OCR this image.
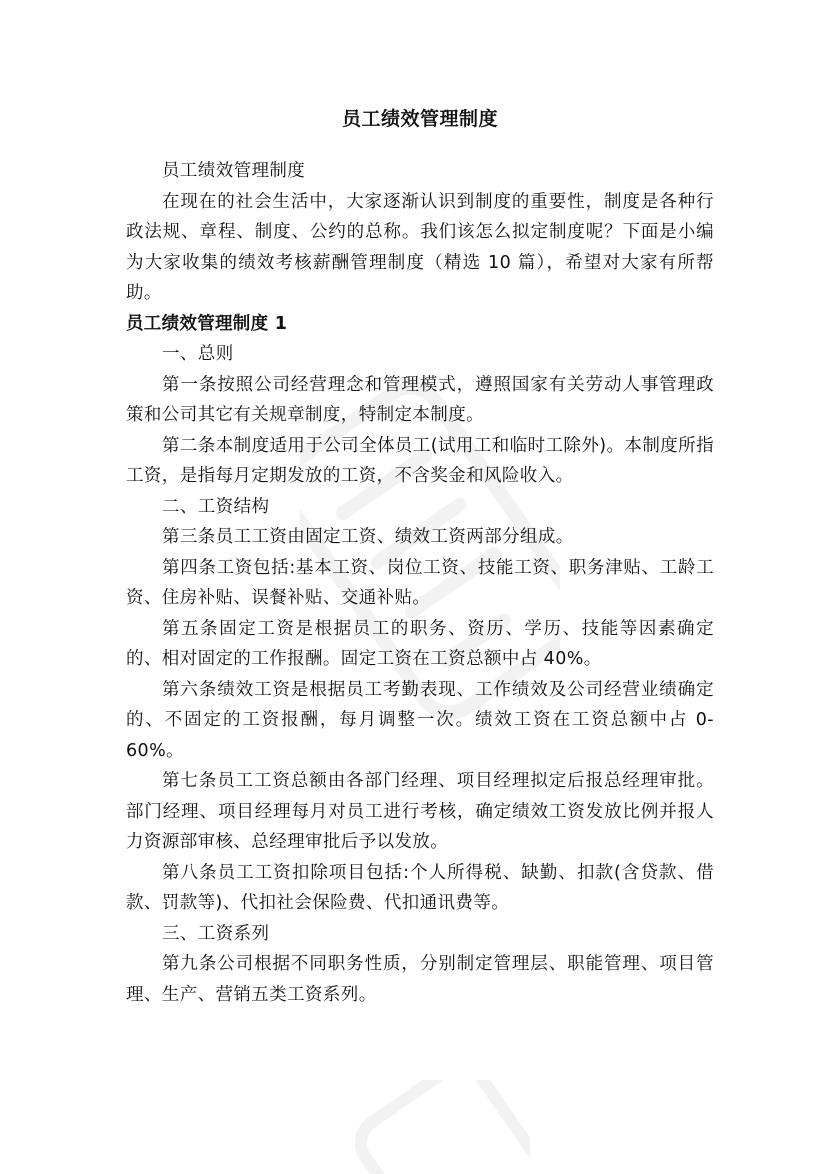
员工绩效管理制度

员工绩效管理制度

在现在的社会生活中，大家逐渐认识到制度的重要性，制度是各种行政法规、章程、制度、公约的总称。我们该怎么拟定制度呢？下面是小编为大家收集的绩效考核薪酬管理制度（精选 10 篇），希望对大家有所帮助。

员工绩效管理制度 1

一、总则

第一条按照公司经营理念和管理模式，遵照国家有关劳动人事管理政策和公司其它有关规章制度，特制定本制度。

第二条本制度适用于公司全体员工(试用工和临时工除外)。本制度所指工资，是指每月定期发放的工资，不含奖金和风险收入。

二、工资结构

第三条员工工资由固定工资、绩效工资两部分组成。

第四条工资包括:基本工资、岗位工资、技能工资、职务津贴、工龄工资、住房补贴、误餐补贴、交通补贴。

第五条固定工资是根据员工的职务、资历、学历、技能等因素确定的、相对固定的工作报酬。固定工资在工资总额中占 40%。

第六条绩效工资是根据员工考勤表现、工作绩效及公司经营业绩确定的、不固定的工资报酬，每月调整一次。绩效工资在工资总额中占 0-60%。

第七条员工工资总额由各部门经理、项目经理拟定后报总经理审批。部门经理、项目经理每月对员工进行考核，确定绩效工资发放比例并报人力资源部审核、总经理审批后予以发放。

第八条员工工资扣除项目包括:个人所得税、缺勤、扣款(含贷款、借款、罚款等)、代扣社会保险费、代扣通讯费等。

三、工资系列

第九条公司根据不同职务性质，分别制定管理层、职能管理、项目管理、生产、营销五类工资系列。
